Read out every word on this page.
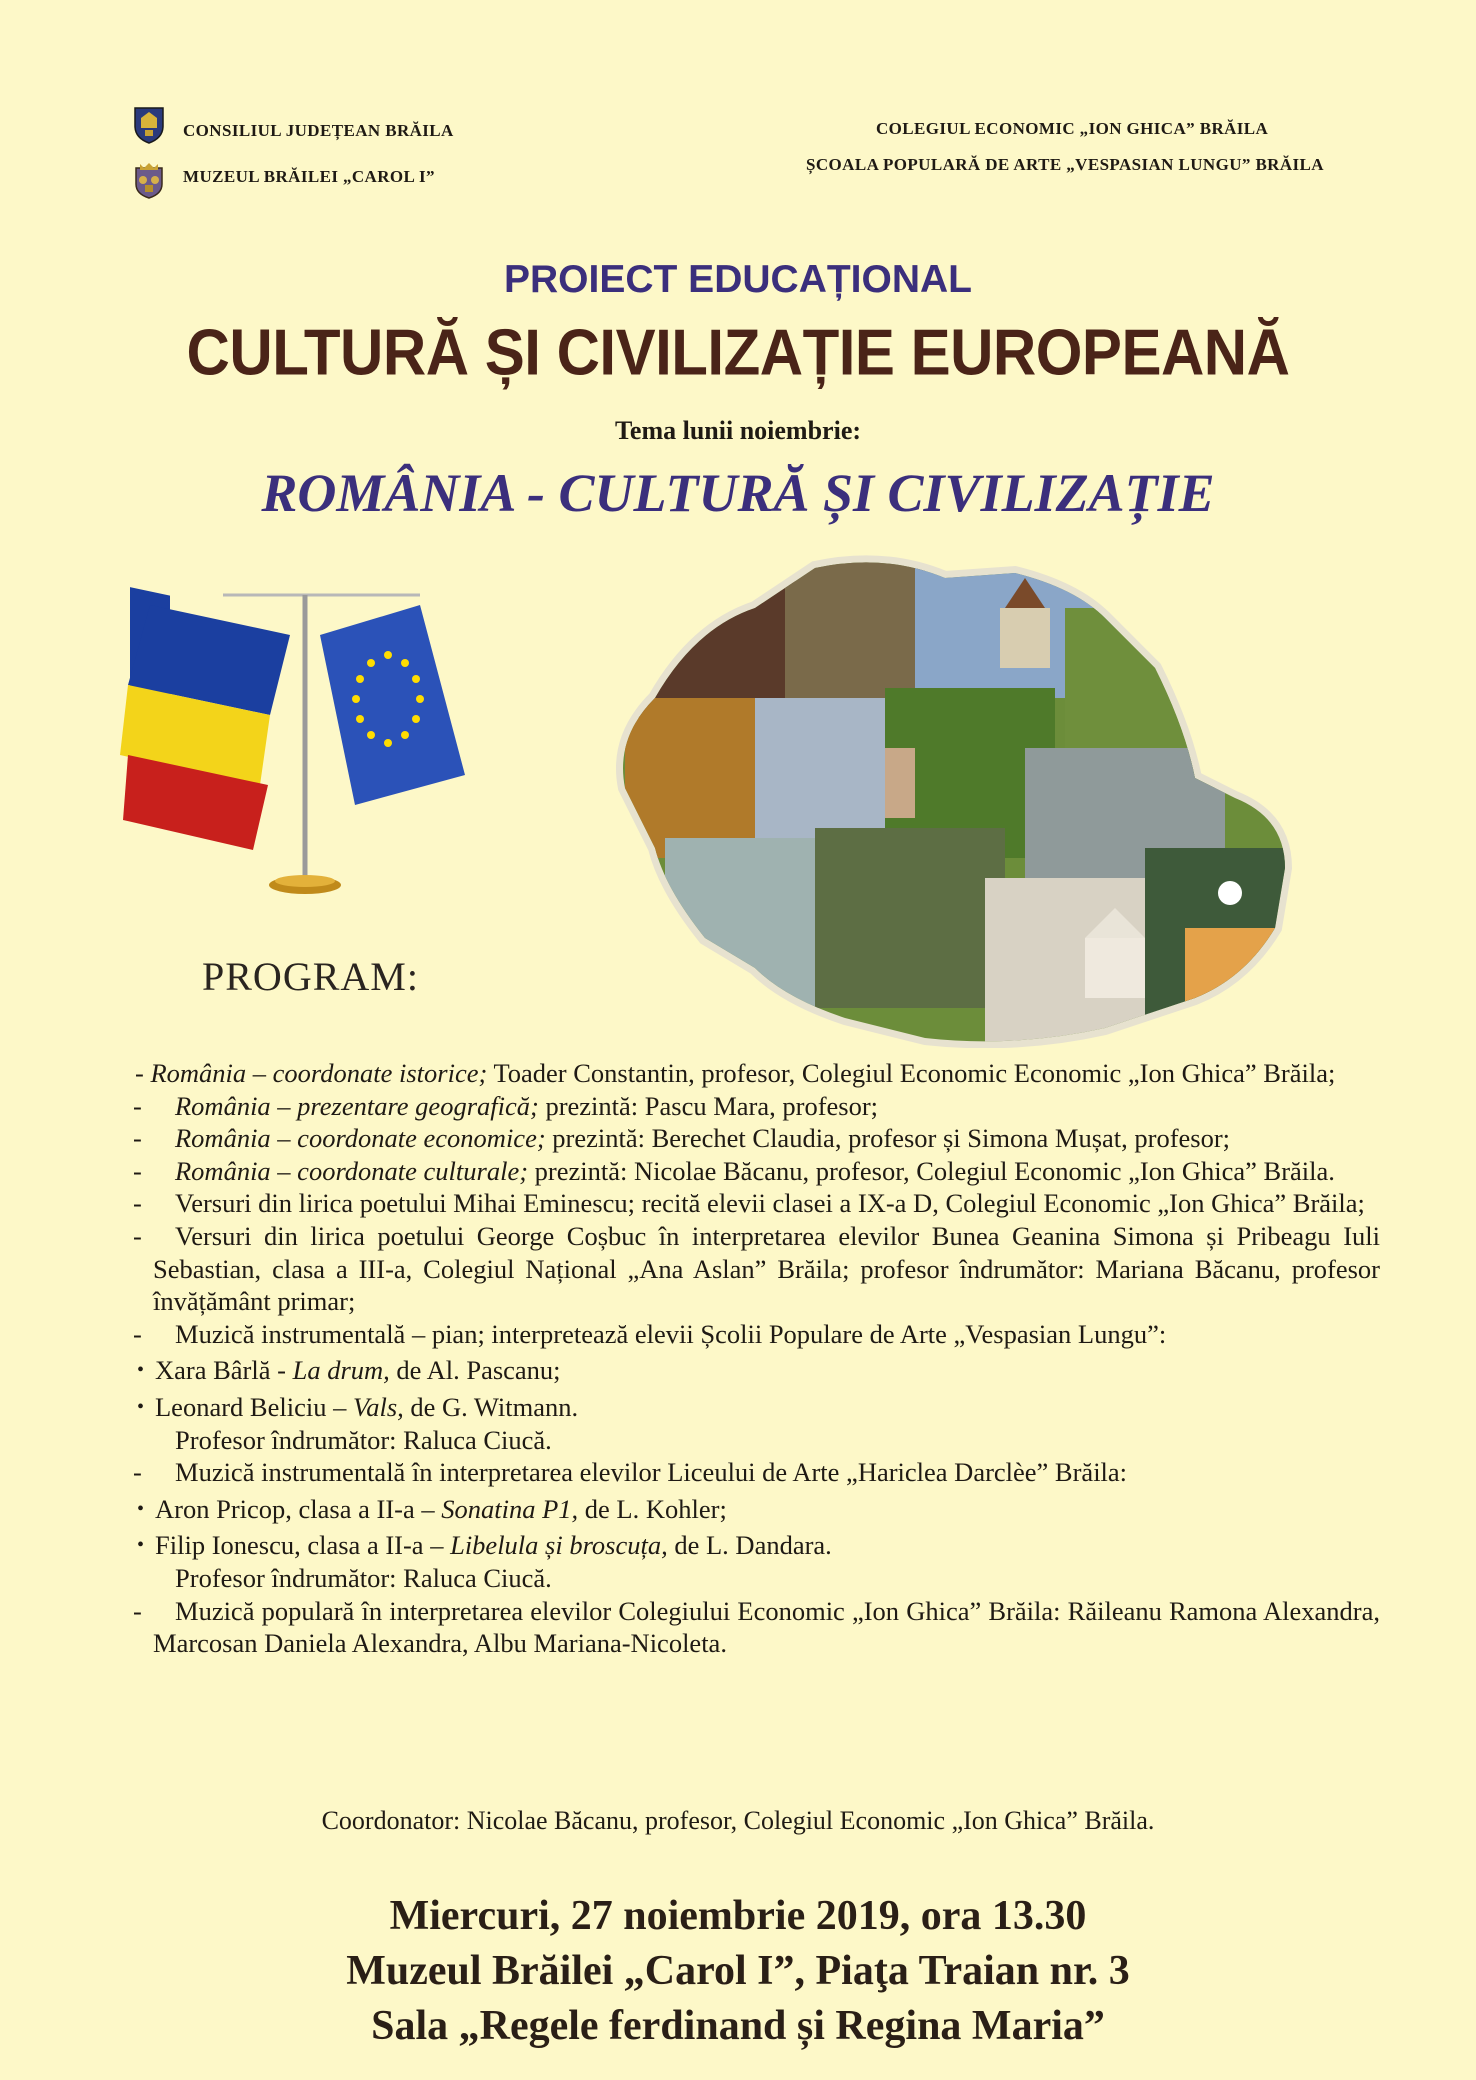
CONSILIUL JUDEȚEAN BRĂILA
MUZEUL BRĂILEI „CAROL I”
COLEGIUL ECONOMIC „ION GHICA” BRĂILA
ȘCOALA POPULARĂ DE ARTE „VESPASIAN LUNGU” BRĂILA
PROIECT EDUCAȚIONAL
CULTURĂ ȘI CIVILIZAȚIE EUROPEANĂ
Tema lunii noiembrie:
ROMÂNIA - CULTURĂ ȘI CIVILIZAȚIE
PROGRAM:
- România – coordonate istorice; Toader Constantin, profesor, Colegiul Economic Economic „Ion Ghica” Brăila;
- România – prezentare geografică; prezintă: Pascu Mara, profesor;
- România – coordonate economice; prezintă: Berechet Claudia, profesor și Simona Mușat, profesor;
- România – coordonate culturale; prezintă: Nicolae Băcanu, profesor, Colegiul Economic „Ion Ghica” Brăila.
- Versuri din lirica poetului Mihai Eminescu; recită elevii clasei a IX-a D, Colegiul Economic „Ion Ghica” Brăila;
- Versuri din lirica poetului George Coșbuc în interpretarea elevilor Bunea Geanina Simona și Pribeagu Iuli Sebastian, clasa a III-a, Colegiul Național „Ana Aslan” Brăila; profesor îndrumător: Mariana Băcanu, profesor învățământ primar;
- Muzică instrumentală – pian; interpretează elevii Școlii Populare de Arte „Vespasian Lungu”:
• Xara Bârlă - La drum, de Al. Pascanu;
• Leonard Beliciu – Vals, de G. Witmann.
Profesor îndrumător: Raluca Ciucă.
- Muzică instrumentală în interpretarea elevilor Liceului de Arte „Hariclea Darclèe” Brăila:
• Aron Pricop, clasa a II-a – Sonatina P1, de L. Kohler;
• Filip Ionescu, clasa a II-a – Libelula și broscuța, de L. Dandara.
Profesor îndrumător: Raluca Ciucă.
- Muzică populară în interpretarea elevilor Colegiului Economic „Ion Ghica” Brăila: Răileanu Ramona Alexandra, Marcosan Daniela Alexandra, Albu Mariana-Nicoleta.
Coordonator: Nicolae Băcanu, profesor, Colegiul Economic „Ion Ghica” Brăila.
Miercuri, 27 noiembrie 2019, ora 13.30
Muzeul Brăilei „Carol I”, Piaţa Traian nr. 3
Sala „Regele ferdinand și Regina Maria”
